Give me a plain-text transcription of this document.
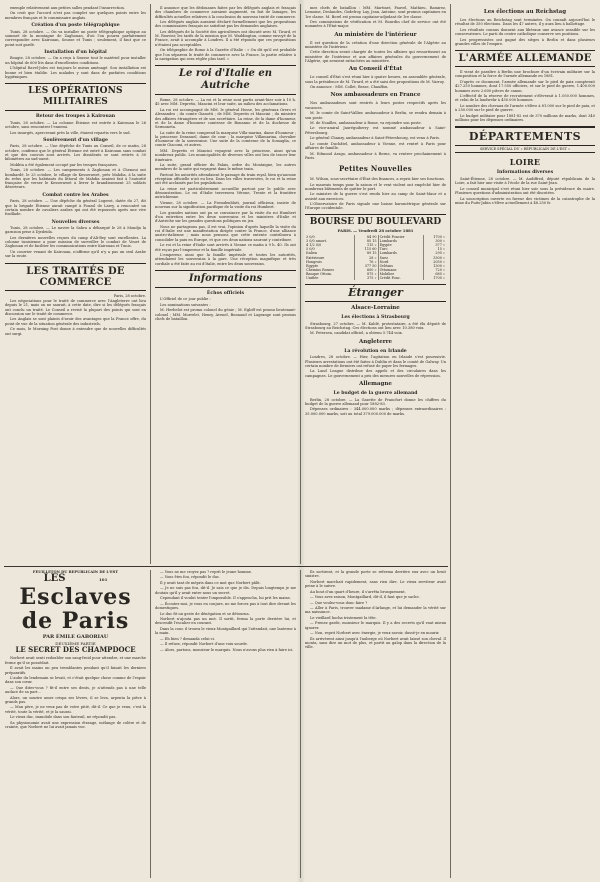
exemple relativement aux petites salles pendant l'insurrection.

On croit que l'accord n'est pas complet sur quelques points entre les membres français et le commissaire anglais.

Création d'un poste télégraphique

Tunis, 28 octobre. — On va installer un poste télégraphique optique au sommet de la montagne de Zaghouan, d'où l'on pourra parfaitement correspondre avec Kairouan, Sousse et Tunis ; seulement, il faut que ce point soit gardé.

Installation d'un hôpital

Bougie, 28 octobre. — On a reçu à Sousse tout le matériel pour installer un hôpital de 600 lits dans d'excellentes conditions.

L'hôpital Ravel-Jules est toujours le mieux aménagé. Son installation est bonne et bien établie. Les malades y sont dans de parfaites conditions hygiéniques.

LES OPÉRATIONS MILITAIRES
Retour des troupes à Kairouan

Tunis, 28 octobre. — La colonne Étienne est entrée à Kairouan le 26 octobre, sans rencontrer l'ennemi.

Les insurgés, apercevant près la ville, étaient repartis vers le sud.

Soulèvement d'un village

Paris, 28 octobre. — Une dépêche de Tunis au Conseil, de ce matin, 28 octobre, confirme que le général Étienne est entré à Kairouan sans combat et que des convois sont arrivés. Les dissidents se sont retirés à 30 kilomètres au sud-ouest.

Mokhta a été également occupé par les troupes françaises.

Tunis, 28 octobre. — Les campements à Zaghouan et à Chenoui ont bombardé, le 25 octobre, le village de Kesserawet, près Mahdia, à la suite du refus que les habitants du littoral de Mahdia avaient fait à l'autorité française de verser le Kesserawet à livrer le brandissement 25 soldats déserteurs.

Combat contre les Arabes

Paris, 28 octobre. — Une dépêche du général Logerot, datée du 27, dit que la brigade Étienne aurait campé à Fouzol de Larry, a rencontré un certain nombre de cavaliers arabes qui ont été repoussés après une vive fusillade.

Nouvelles diverses

Tunis, 28 octobre. — Le navire la Sahra a débarqué le 28 à Mondja la garnison prise à Djedeida.

Les dernières nouvelles reçues du camp d'Ali-Bey sont excellentes. La colonne tunisienne a pour mission de surveiller le combat de Vouet de Zaghouan et de faciliter les communications entre Kairouan et Tunis.

Un courrier venant de Kairouan, n'affirme qu'il n'y a pas un seul Arabe sur la route.

LES TRAITÉS DE COMMERCE

Paris, 28 octobre.

Les négociations pour le traité de commerce avec l'Angleterre ont lieu depuis le 21, mais on ne saurait, à cette date, dire si les délégués français ont conclu un traité. Le Conseil a revisé la plupart des points qui sont en discussion sur le traité de commerce.

Les Anglais se sont plaints d'avoir des avantages que la France offre, du point de vue de la situation générale des industriels.

Ce mois, le Morning Post donne à entendre que de nouvelles difficultés ont surgi.

Il annonce que les dédouanes faites par les délégués anglais et français des chambres de commerce auraient augmenté, en fait de lainages, les difficultés actuelles relatives à la conclusion du nouveau traité de commerce.

Les délégués anglais auraient déclaré formellement que les propositions des commissaires français ne satisfont pas les demandes anglaises.

Les délégués de la Société des agriculteurs ont discuté avec M. Tirard, et M. Rouvier, les tarifs de la mission que M. Waddington, comme envoyé de la France, avait à accomplir à Londres. Il a été répondu que ces propositions n'étaient pas acceptables.

On télégraphie de Rome à la Gazette d'Italie : « On dit qu'il est probable que l'on séparera le traité de commerce avec la France, la partie relative à la navigation qui sera réglée plus tard. »

Le roi d'Italie en Autriche

Rome, 28 octobre. — La roi et la reine sont partis avant-hier soir à 10 h. 45 avec MM. Depretis, Mancini et leur suite, au milieu des acclamations.

La roi est accompagné de MM. le général Hosse, les généraux Orero et Alessandro ; du comte Gianotti ; de MM. Depretis et Mancini ; du ministre des affaires étrangères et de son secrétaire. La reine, de la dame d'honneur, et de la dame d'honneur comtesse de Bonanno et de la duchesse de Sermoneta.

La suite de la reine comprend la marquise Villa-marina, dame d'honneur ; la princesse Desanuel, dame de cour ; la marquise Villamarina, chevalier d'honneur de la souveraine. Une suite de la comtesse de la Somaglia, ce comte Giacomi, et autres.

MM. Depretis et Mancini voyagent avec la princesse, ainsi qu'un nombreux public. Les municipalités de diverses villes ont lieu de tracer leur itinéraire.

La suite, grand officier du Palais, ordre du Montaigne, les autres membres de la suite qui voyagent dans le même train.

Partout les autorités attendaient le passage du train royal, bien qu'aucune réception officielle n'ait eu lieu. Dans les villes traversées, le roi et la reine ont été acclamés par les populations.

La reine est particulièrement accueillie partout par le public avec démonstration. Le roi d'Italie traversera Vérone, Trente et la frontière autrichienne.

Vienne, 28 octobre. — La Fremdenblatt, journal officieux, insiste de nouveau sur la signification pacifique de la visite du roi Humbert.

Les grandes nations ont pu se convaincre par la visite du roi Humbert d'un entretien entre les deux souverains et les ministres d'Italie et d'Autriche sur les grandes questions politiques en jeu.

Nous ne partageons pas, il est vrai, l'opinion d'après laquelle la visite du roi d'Italie est une manifestation dirigée contre la France, d'une alliance austro-italienne ; mais nous pensons que cette entente contribuera à consolider la paix en Europe, et que ces deux nations sauront y contribuer.

Le roi et la reine d'Italie sont arrivés à Vienne ce matin à 9 h. 40. Ils ont été reçus par l'empereur et la famille impériale.

L'empereur, ainsi que la famille impériale et toutes les autorités, attendaient les souverains à la gare. Une réception magnifique et très cordiale a été faite au roi d'Italie, entre les deux souverains.

Informations
Échos officiels

L'Officiel de ce jour publie :

Les nominations suivantes :

M. Herbelot est promu colonel du génie ; M. Egloff est promu lieutenant-colonel ; MM. Morrelet, Henry, Avenel, Bonnaud et Lagrange sont promus chefs de bataillon.

mes chefs de bataillon : MM. Martinet, Fauvel, Mathieu, Ramirez, Lemoine, Deslandes, Godefroy, Lay, Jean, Antoine, sont promus capitaines en 1re classe. M. Borel est promu capitaine-adjudant de 1re classe.

Des commissions de vérification et M. Bourdin chef de service ont été nommées à l'État-major.

Au ministère de l'intérieur

Il est question de la création d'une direction générale de l'Algérie au ministère de l'intérieur.

Cette direction serait chargée de toutes les affaires qui ressortissent au ministère de l'intérieur et aux affaires générales du gouvernement de l'Algérie, qui seraient rattachées au ministère.

Au Conseil d'État

Le conseil d'État s'est réuni hier à quatre heures, en assemblée générale, sous la présidence de M. Tirard, et a été saisi des propositions de M. Varroy.

On annonce : MM. Collet, Besse, Chauffon.

Nos ambassadeurs en France

Nos ambassadeurs sont rentrés à leurs postes respectifs après les vacances.

M. le comte de Saint-Vallier, ambassadeur à Berlin, se rendra demain à son poste.

M. de Noailles, ambassadeur à Rome, va rejoindre son poste.

Le vice-amiral Jauréguiberry est nommé ambassadeur à Saint-Pétersbourg.

Le général Chanzy, ambassadeur à Saint-Pétersbourg, est venu à Paris.

Le comte Duchâtel, ambassadeur à Vienne, est rentré à Paris pour affaires de famille.

M. Edmond Arago, ambassadeur à Berne, va rentrer prochainement à Paris.

Petites Nouvelles

M. Wilson, sous-secrétaire d'État des finances, a repris hier ses fonctions.

Le mauvais temps pour la saison et le vent violent ont empêché hier de nombreux bâtiments de quitter le port.

Le ministre de la guerre s'est rendu hier au camp de Saint-Maur et a assisté aux exercices.

L'Observatoire de Paris signale une baisse barométrique générale sur l'Europe occidentale.

BOURSE DU BOULEVARD
PARIS. — Vendredi 28 octobre 1881
3 0/0	84 90	Crédit Foncier	1700 »
3 0/0 amort.	85 15	Lombards	300 »
4 1/2 0/0	115 »	Egypte	377 »
5 0/0	115 60	Turc	15 »
Italien	89 15	Lombards	295 »
Extérieure	28 »	Suez	3300 »
Hongrois	76 »	Nord	2050 »
Egypte	377 50	Orléans	1300 »
Chemins Russes	600 »	Ottomane	720 »
Banque Ottom.	875 »	Mobilier	685 »
Unifiée	375 »	Crédit Fonc.	1700 »
Étranger
Alsace-Lorraine
Les élections à Strasbourg

Strasbourg, 27 octobre. — M. Kablé, protestataire, a été élu député de Strasbourg au Reichstag. Ces élections ont lieu avec 10.380 voix.

M. Petersen, candidat officiel, a obtenu 5.744 voix.

Angleterre
La révolution en Irlande

Londres, 28 octobre. — Hier, l'agitation en Irlande s'est poursuivie. Plusieurs arrestations ont été faites à Dublin et dans le comté de Galway. Un certain nombre de fermiers ont refusé de payer les fermages.

La Land League distribue des appels et des circulaires dans les campagnes. Le gouvernement a pris des mesures nouvelles de répression.

Allemagne
Le budget de la guerre allemand

Berlin, 28 octobre. — La Gazette de Francfort donne les chiffres du budget de la guerre allemand pour 1882-83.

Dépenses ordinaires : 344.000.000 marks ; dépenses extraordinaires : 35.000.000 marks, soit au total 379.000.000 de marks.

Les élections au Reichstag

Les élections au Reichstag sont terminées. On connaît aujourd'hui le résultat de 350 élections. Dans les 47 autres, il y aura lieu à ballottage.

Les résultats connus donnent aux libéraux une avance sensible sur les conservateurs. Le parti du centre catholique conserve ses positions.

Les progressistes ont gagné des sièges à Berlin et dans plusieurs grandes villes de l'empire.

L'ARMÉE ALLEMANDE

Il vient de paraître à Berlin une brochure d'un écrivain militaire sur la composition et la force de l'armée allemande en 1881.

D'après ce document, l'armée allemande sur le pied de paix compterait 427.250 hommes, dont 17.550 officiers, et sur le pied de guerre, 1.400.000 hommes avec 2.600 pièces de canon.

L'effectif de la réserve de recrutement s'élèverait à 1.050.000 hommes, et celui de la landwehr à 450.000 hommes.

Le nombre des chevaux de l'armée s'élève à 81.000 sur le pied de paix, et à 250.000 sur le pied de guerre.

Le budget militaire pour 1881-82 est de 370 millions de marks, dont 340 millions pour les dépenses ordinaires.

DÉPARTEMENTS
SERVICE SPÉCIAL DU « RÉPUBLICAIN DE L'EST »
LOIRE
Informations diverses

Saint-Étienne, 28 octobre. — M. Audiffred, député républicain de la Loire, a fait hier une visite à l'école de la rue Saint-Jean.

Le conseil municipal s'est réuni hier soir sous la présidence du maire. Plusieurs questions d'administration ont été discutées.

La souscription ouverte en faveur des victimes de la catastrophe de la mine du Puits-Jabin s'élève actuellement à 48.250 fr.

FEUILLETON DU RÉPUBLICAIN DE L'EST
LES	101
Esclaves de Paris
PAR ÉMILE GABORIAU
DEUXIÈME PARTIE
LE SECRET DES CHAMPDOCE

Norbert avait senti redoubler son sang-froid pour attendre, et une marche ferme qu'il se possédait.

Il avait les mains un peu tremblantes pendant qu'il faisait les derniers préparatifs.

L'aube du lendemain se levait, et c'était quelque chose comme de l'espoir dans son cœur.

— Que dites-vous ? fit-il entre ses dents, je n'attends pas à une telle audace de sa part...

Alors, un sourire amer crispa ses lèvres, il se leva, arpenta la pièce à grands pas.

— Mon père, je ne veux pas de votre pitié, dit-il. Ce que je veux, c'est la vérité, toute la vérité, et je la saurai.

Le vieux duc, immobile dans son fauteuil, ne répondit pas.

Sa physionomie avait une expression étrange, mélange de colère et de crainte, que Norbert ne lui avait jamais vue.

— Vous ne me croyez pas ? reprit le jeune homme.

— Vous êtes fou, répondit le duc.

Il y avait tant de mépris dans ce mot que Norbert pâlit.

— Je ne suis pas fou, dit-il. Je sais ce que je dis. Depuis longtemps je me doutais qu'il y avait entre nous un secret.

Cependant il voulut tenter l'impossible. Il s'approcha, lui prit les mains.

— Écoutez-moi, je vous en conjure, ne me forcez pas à tout dire devant les domestiques.

Le duc fit un geste de dénégation et se détourna.

Norbert n'ajouta pas un mot. Il sortit, ferma la porte derrière lui, et descendit l'escalier en courant.

Dans la cour, il trouva le vieux Montgaillard qui l'attendait, une lanterne à la main.

— Eh bien ? demanda celui-ci.

— Il refuse, répondit Norbert d'une voix sourde.

— Alors, partons, monsieur le marquis. Nous n'avons plus rien à faire ici.

Ils sortirent, et la grande porte se referma derrière eux avec un bruit sinistre.

Norbert marchait rapidement, sans rien dire. Le vieux serviteur avait peine à le suivre.

Au bout d'un quart d'heure, il s'arrêta brusquement.

— Vous avez raison, Montgaillard, dit-il, il faut que je sache.

— Que voulez-vous donc faire ?

— Aller à Paris, trouver madame d'Arlange, et lui demander la vérité sur ma naissance.

Le vieillard hocha tristement la tête.

— Prenez garde, monsieur le marquis. Il y a des secrets qu'il vaut mieux ignorer.

— Non, reprit Norbert avec énergie, je veux savoir, dussé-je en mourir.

Ils arrivèrent ainsi jusqu'à l'auberge où Norbert avait laissé son cheval. Il monta, sans dire un mot de plus, et partit au galop dans la direction de la ville.
